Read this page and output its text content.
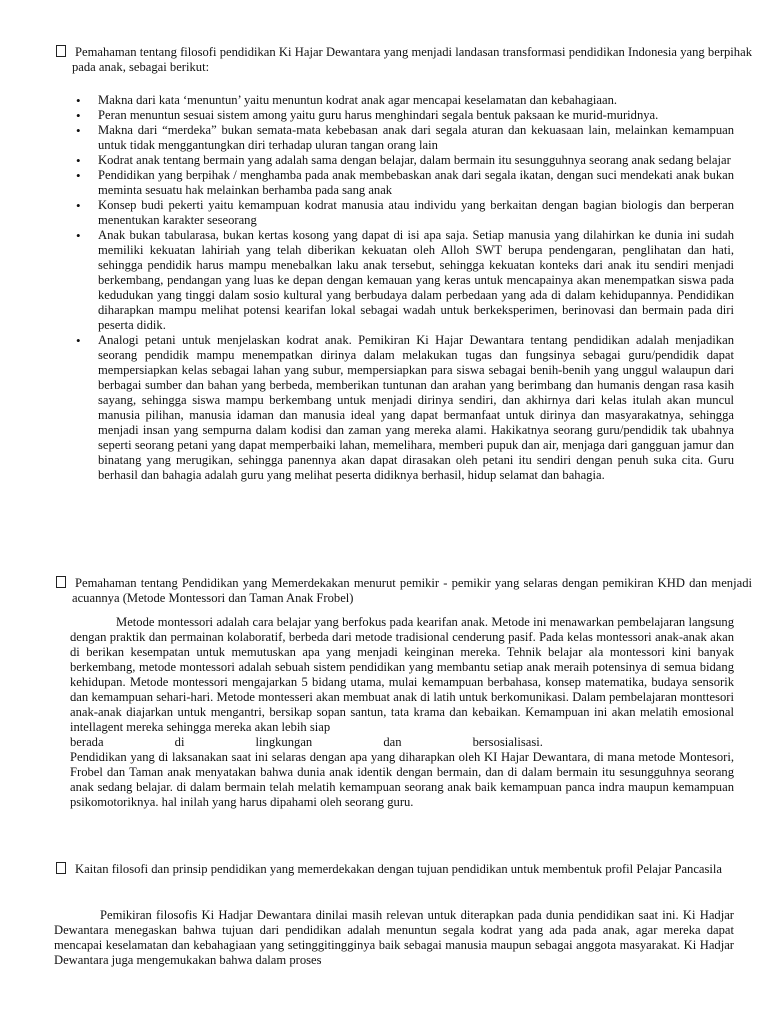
Pemahaman tentang filosofi pendidikan Ki Hajar Dewantara yang menjadi landasan transformasi pendidikan Indonesia yang berpihak pada anak, sebagai berikut:

• Makna dari kata ‘menuntun’ yaitu menuntun kodrat anak agar mencapai keselamatan dan kebahagiaan.
• Peran menuntun sesuai sistem among yaitu guru harus menghindari segala bentuk paksaan ke murid-muridnya.
• Makna dari “merdeka” bukan semata-mata kebebasan anak dari segala aturan dan kekuasaan lain, melainkan kemampuan untuk tidak menggantungkan diri terhadap uluran tangan orang lain
• Kodrat anak tentang bermain yang adalah sama dengan belajar, dalam bermain itu sesungguhnya seorang anak sedang belajar
• Pendidikan yang berpihak / menghamba pada anak membebaskan anak dari segala ikatan, dengan suci mendekati anak bukan meminta sesuatu hak melainkan berhamba pada sang anak
• Konsep budi pekerti yaitu kemampuan kodrat manusia atau individu yang berkaitan dengan bagian biologis dan berperan menentukan karakter seseorang
• Anak bukan tabularasa, bukan kertas kosong yang dapat di isi apa saja. Setiap manusia yang dilahirkan ke dunia ini sudah memiliki kekuatan lahiriah yang telah diberikan kekuatan oleh Alloh SWT berupa pendengaran, penglihatan dan hati, sehingga pendidik harus mampu menebalkan laku anak tersebut, sehingga kekuatan konteks dari anak itu sendiri menjadi berkembang, pendangan yang luas ke depan dengan kemauan yang keras untuk mencapainya akan menempatkan siswa pada kedudukan yang tinggi dalam sosio kultural yang berbudaya dalam perbedaan yang ada di dalam kehidupannya. Pendidikan diharapkan mampu melihat potensi kearifan lokal sebagai wadah untuk berkeksperimen, berinovasi dan bermain pada diri peserta didik.
• Analogi petani untuk menjelaskan kodrat anak. Pemikiran Ki Hajar Dewantara tentang pendidikan adalah menjadikan seorang pendidik mampu menempatkan dirinya dalam melakukan tugas dan fungsinya sebagai guru/pendidik dapat mempersiapkan kelas sebagai lahan yang subur, mempersiapkan para siswa sebagai benih-benih yang unggul walaupun dari berbagai sumber dan bahan yang berbeda, memberikan tuntunan dan arahan yang berimbang dan humanis dengan rasa kasih sayang, sehingga siswa mampu berkembang untuk menjadi dirinya sendiri, dan akhirnya dari kelas itulah akan muncul manusia pilihan, manusia idaman dan manusia ideal yang dapat bermanfaat untuk dirinya dan masyarakatnya, sehingga menjadi insan yang sempurna dalam kodisi dan zaman yang mereka alami. Hakikatnya seorang guru/pendidik tak ubahnya seperti seorang petani yang dapat memperbaiki lahan, memelihara, memberi pupuk dan air, menjaga dari gangguan jamur dan binatang yang merugikan, sehingga panennya akan dapat dirasakan oleh petani itu sendiri dengan penuh suka cita. Guru berhasil dan bahagia adalah guru yang melihat peserta didiknya berhasil, hidup selamat dan bahagia.

Pemahaman tentang Pendidikan yang Memerdekakan menurut pemikir - pemikir yang selaras dengan pemikiran KHD dan menjadi acuannya (Metode Montessori dan Taman Anak Frobel)

Metode montessori adalah cara belajar yang berfokus pada kearifan anak. Metode ini menawarkan pembelajaran langsung dengan praktik dan permainan kolaboratif, berbeda dari metode tradisional cenderung pasif. Pada kelas montessori anak-anak akan di berikan kesempatan untuk memutuskan apa yang menjadi keinginan mereka. Tehnik belajar ala montessori kini banyak berkembang, metode montessori adalah sebuah sistem pendidikan yang membantu setiap anak meraih potensinya di semua bidang kehidupan. Metode montessori mengajarkan 5 bidang utama, mulai kemampuan berbahasa, konsep matematika, budaya sensorik dan kemampuan sehari-hari. Metode montesseri akan membuat anak di latih untuk berkomunikasi. Dalam pembelajaran monttesori anak-anak diajarkan untuk mengantri, bersikap sopan santun, tata krama dan kebaikan. Kemampuan ini akan melatih emosional intellagent mereka sehingga mereka akan lebih siap

berada	di	lingkungan	dan	bersosialisasi.

Pendidikan yang di laksanakan saat ini selaras dengan apa yang diharapkan oleh KI Hajar Dewantara, di mana metode Montesori, Frobel dan Taman anak menyatakan bahwa dunia anak identik dengan bermain, dan di dalam bermain itu sesungguhnya seorang anak sedang belajar. di dalam bermain telah melatih kemampuan seorang anak baik kemampuan panca indra maupun kemampuan psikomotoriknya. hal inilah yang harus dipahami oleh seorang guru.

Kaitan filosofi dan prinsip pendidikan yang memerdekakan dengan tujuan pendidikan untuk membentuk profil Pelajar Pancasila

Pemikiran filosofis Ki Hadjar Dewantara dinilai masih relevan untuk diterapkan pada dunia pendidikan saat ini. Ki Hadjar Dewantara menegaskan bahwa tujuan dari pendidikan adalah menuntun segala kodrat yang ada pada anak, agar mereka dapat mencapai keselamatan dan kebahagiaan yang setinggitingginya baik sebagai manusia maupun sebagai anggota masyarakat. Ki Hadjar Dewantara juga mengemukakan bahwa dalam proses
